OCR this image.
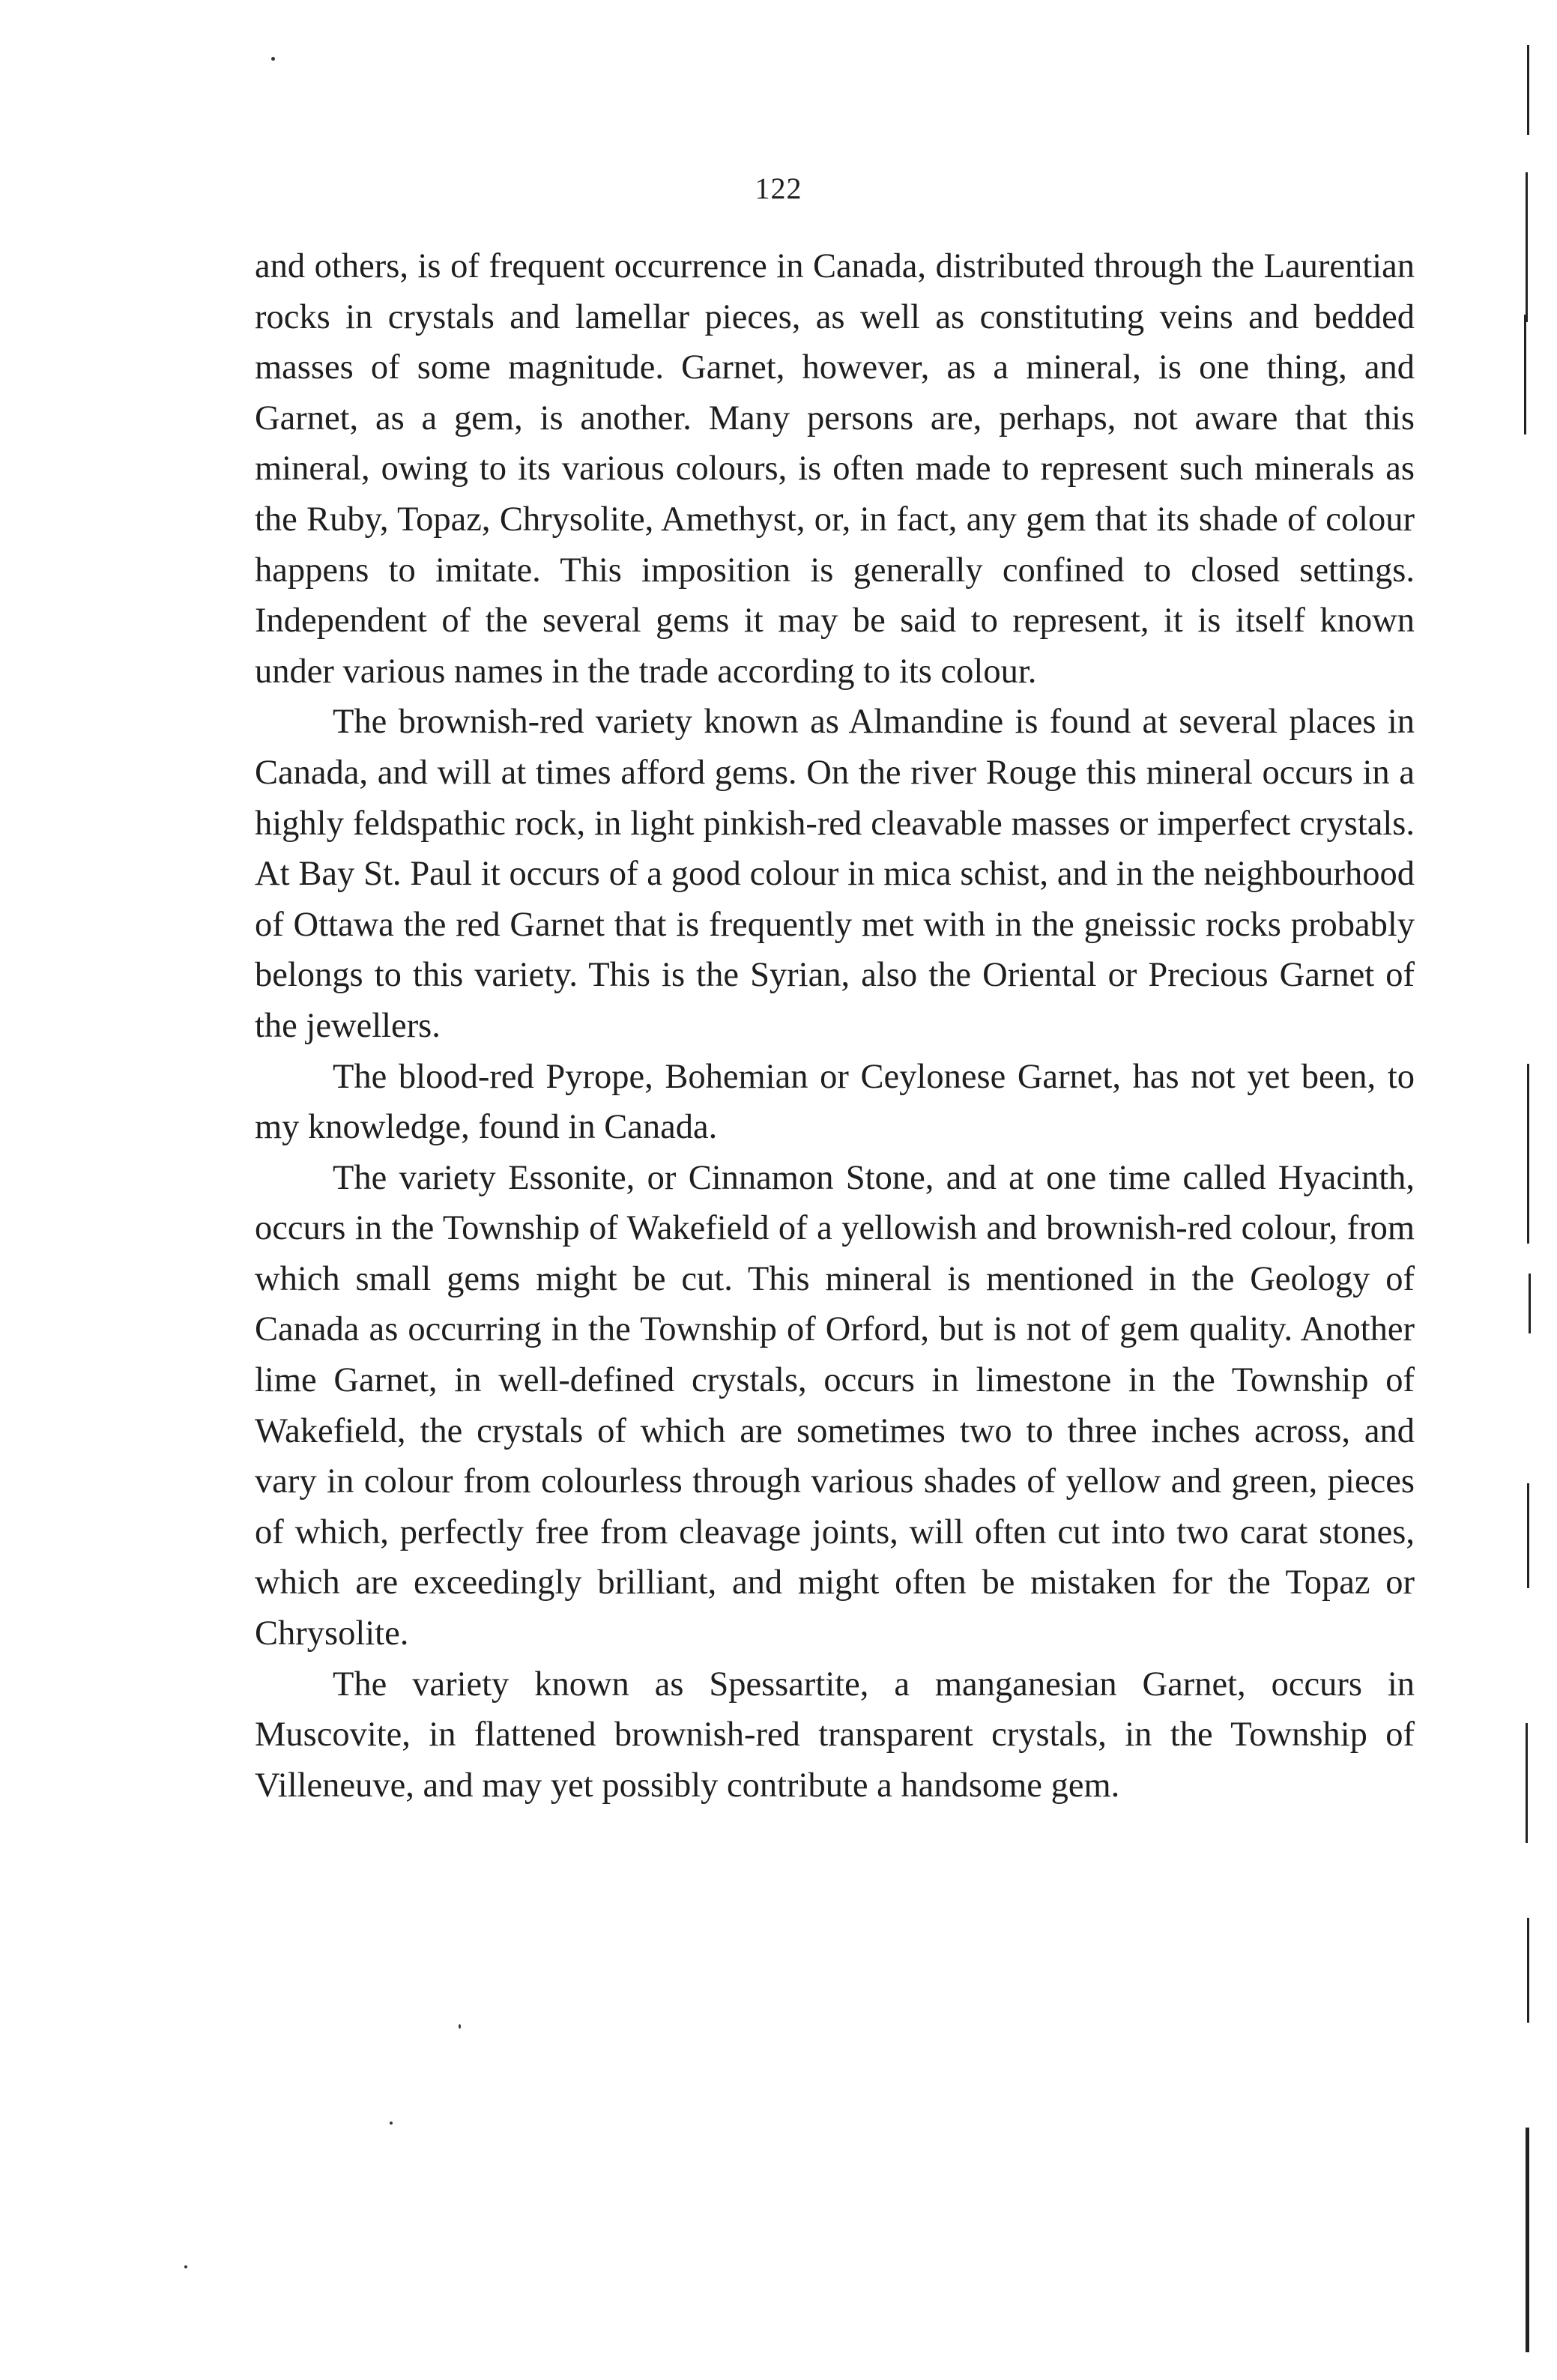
122

and others, is of frequent occurrence in Canada, distributed through the Laurentian rocks in crystals and lamellar pieces, as well as constituting veins and bedded masses of some magnitude. Garnet, however, as a mineral, is one thing, and Garnet, as a gem, is another. Many persons are, perhaps, not aware that this mineral, owing to its various colours, is often made to represent such minerals as the Ruby, Topaz, Chrysolite, Amethyst, or, in fact, any gem that its shade of colour happens to imitate. This imposition is generally confined to closed settings. Independent of the several gems it may be said to represent, it is itself known under various names in the trade according to its colour.

The brownish-red variety known as Almandine is found at several places in Canada, and will at times afford gems. On the river Rouge this mineral occurs in a highly feldspathic rock, in light pinkish-red cleavable masses or imperfect crystals. At Bay St. Paul it occurs of a good colour in mica schist, and in the neighbourhood of Ottawa the red Garnet that is frequently met with in the gneissic rocks probably belongs to this variety. This is the Syrian, also the Oriental or Precious Garnet of the jewellers.

The blood-red Pyrope, Bohemian or Ceylonese Garnet, has not yet been, to my knowledge, found in Canada.

The variety Essonite, or Cinnamon Stone, and at one time called Hyacinth, occurs in the Township of Wakefield of a yellowish and brownish-red colour, from which small gems might be cut. This mineral is mentioned in the Geology of Canada as occurring in the Township of Orford, but is not of gem quality. Another lime Garnet, in well-defined crystals, occurs in limestone in the Township of Wakefield, the crystals of which are sometimes two to three inches across, and vary in colour from colourless through various shades of yellow and green, pieces of which, perfectly free from cleavage joints, will often cut into two carat stones, which are exceedingly brilliant, and might often be mistaken for the Topaz or Chrysolite.

The variety known as Spessartite, a manganesian Garnet, occurs in Muscovite, in flattened brownish-red transparent crystals, in the Township of Villeneuve, and may yet possibly contribute a handsome gem.
